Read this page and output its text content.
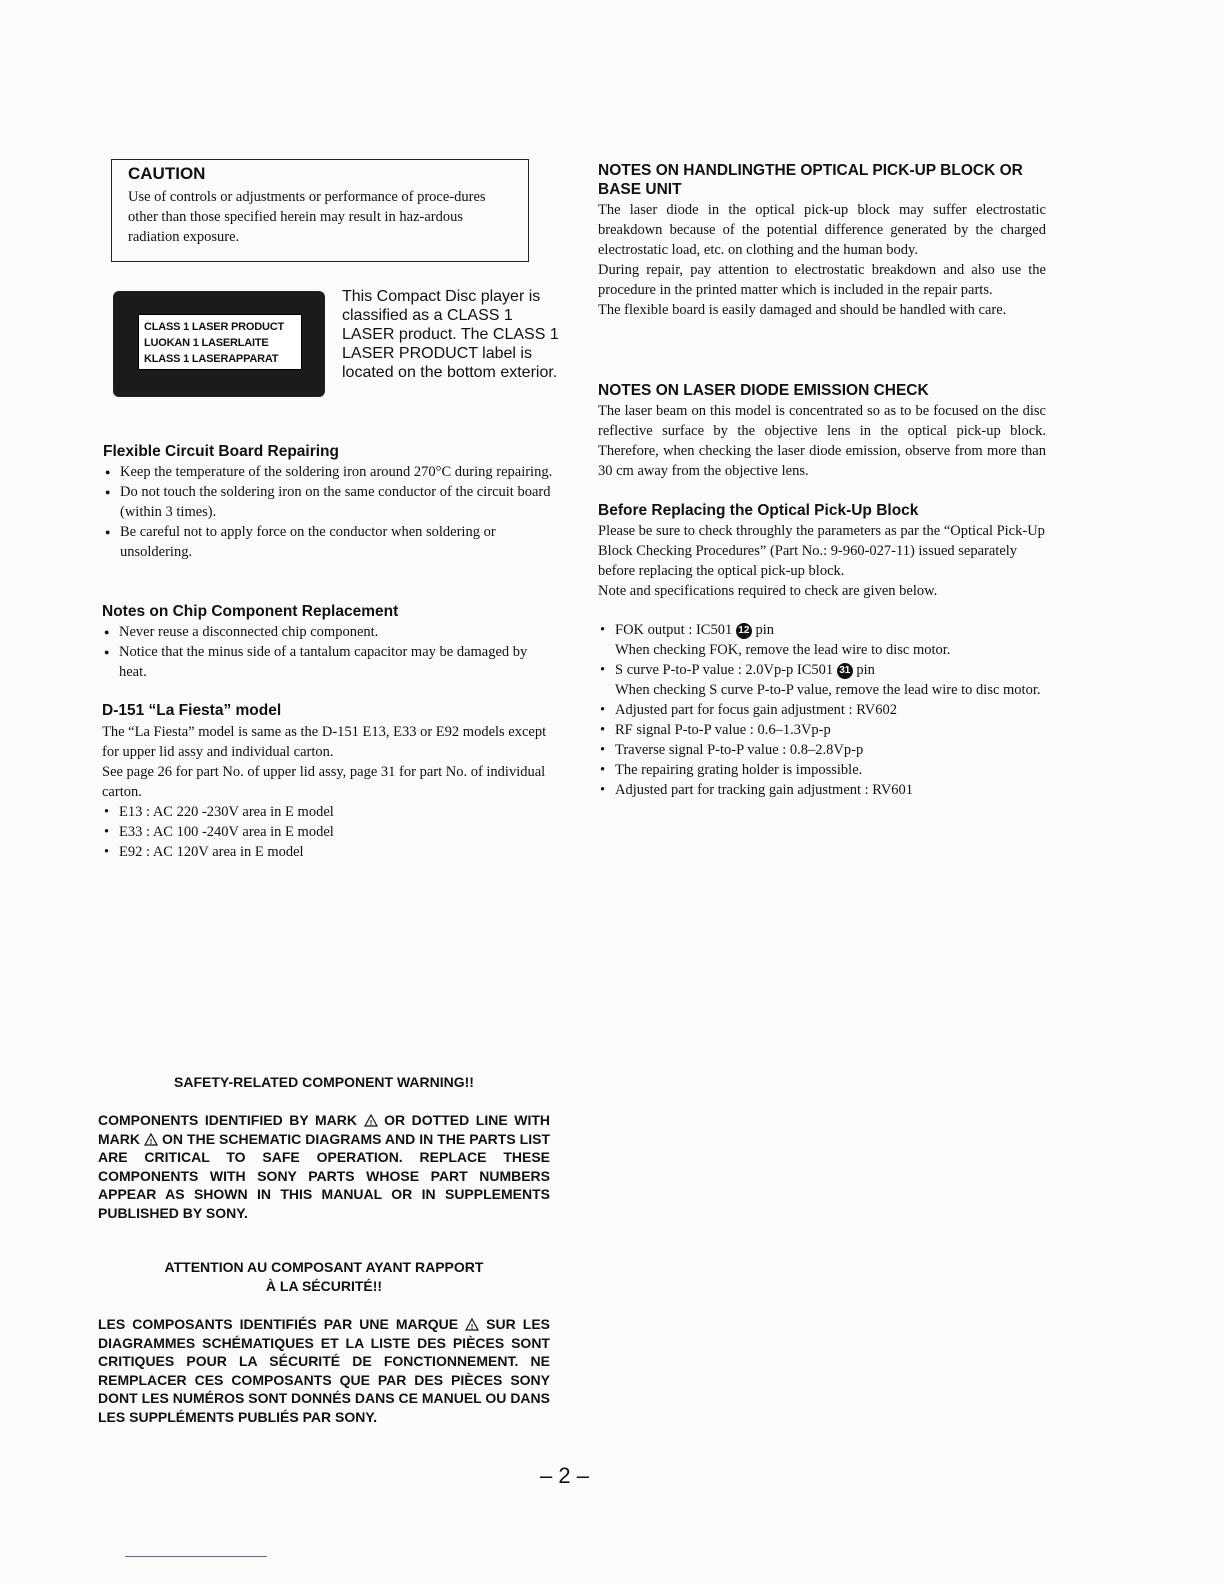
CAUTION

Use of controls or adjustments or performance of proce-dures other than those specified herein may result in haz-ardous radiation exposure.

CLASS 1 LASER PRODUCT
LUOKAN 1 LASERLAITE
KLASS 1 LASERAPPARAT
This Compact Disc player is classified as a CLASS 1 LASER product. The CLASS 1 LASER PRODUCT label is located on the bottom exterior.
Flexible Circuit Board Repairing
● Keep the temperature of the soldering iron around 270°C during repairing.
● Do not touch the soldering iron on the same conductor of the circuit board (within 3 times).
● Be careful not to apply force on the conductor when soldering or unsoldering.
Notes on Chip Component Replacement
● Never reuse a disconnected chip component.
● Notice that the minus side of a tantalum capacitor may be damaged by heat.
D-151 “La Fiesta” model

The “La Fiesta” model is same as the D-151 E13, E33 or E92 models except for upper lid assy and individual carton.

See page 26 for part No. of upper lid assy, page 31 for part No. of individual carton.

• E13 : AC 220 -230V area in E model
• E33 : AC 100 -240V area in E model
• E92 : AC 120V area in E model
NOTES ON HANDLINGTHE OPTICAL PICK-UP BLOCK OR BASE UNIT

The laser diode in the optical pick-up block may suffer electrostatic breakdown because of the potential difference generated by the charged electrostatic load, etc. on clothing and the human body.

During repair, pay attention to electrostatic breakdown and also use the procedure in the printed matter which is included in the repair parts.

The flexible board is easily damaged and should be handled with care.

NOTES ON LASER DIODE EMISSION CHECK

The laser beam on this model is concentrated so as to be focused on the disc reflective surface by the objective lens in the optical pick-up block. Therefore, when checking the laser diode emission, observe from more than 30 cm away from the objective lens.

Before Replacing the Optical Pick-Up Block

Please be sure to check throughly the parameters as par the “Optical Pick-Up Block Checking Procedures” (Part No.: 9-960-027-11) issued separately before replacing the optical pick-up block.

Note and specifications required to check are given below.

• FOK output : IC501 12 pin
When checking FOK, remove the lead wire to disc motor.
• S curve P-to-P value : 2.0Vp-p IC501 31 pin
When checking S curve P-to-P value, remove the lead wire to disc motor.
• Adjusted part for focus gain adjustment : RV602
• RF signal P-to-P value : 0.6–1.3Vp-p
• Traverse signal P-to-P value : 0.8–2.8Vp-p
• The repairing grating holder is impossible.
• Adjusted part for tracking gain adjustment : RV601
SAFETY-RELATED COMPONENT WARNING!!
COMPONENTS IDENTIFIED BY MARK ! OR DOTTED LINE WITH MARK ! ON THE SCHEMATIC DIAGRAMS AND IN THE PARTS LIST ARE CRITICAL TO SAFE OPERATION. REPLACE THESE COMPONENTS WITH SONY PARTS WHOSE PART NUMBERS APPEAR AS SHOWN IN THIS MANUAL OR IN SUPPLEMENTS PUBLISHED BY SONY.
ATTENTION AU COMPOSANT AYANT RAPPORT
À LA SÉCURITÉ!!
LES COMPOSANTS IDENTIFIÉS PAR UNE MARQUE ! SUR LES DIAGRAMMES SCHÉMATIQUES ET LA LISTE DES PIÈCES SONT CRITIQUES POUR LA SÉCURITÉ DE FONCTIONNEMENT. NE REMPLACER CES COMPOSANTS QUE PAR DES PIÈCES SONY DONT LES NUMÉROS SONT DONNÉS DANS CE MANUEL OU DANS LES SUPPLÉMENTS PUBLIÉS PAR SONY.
– 2 –
